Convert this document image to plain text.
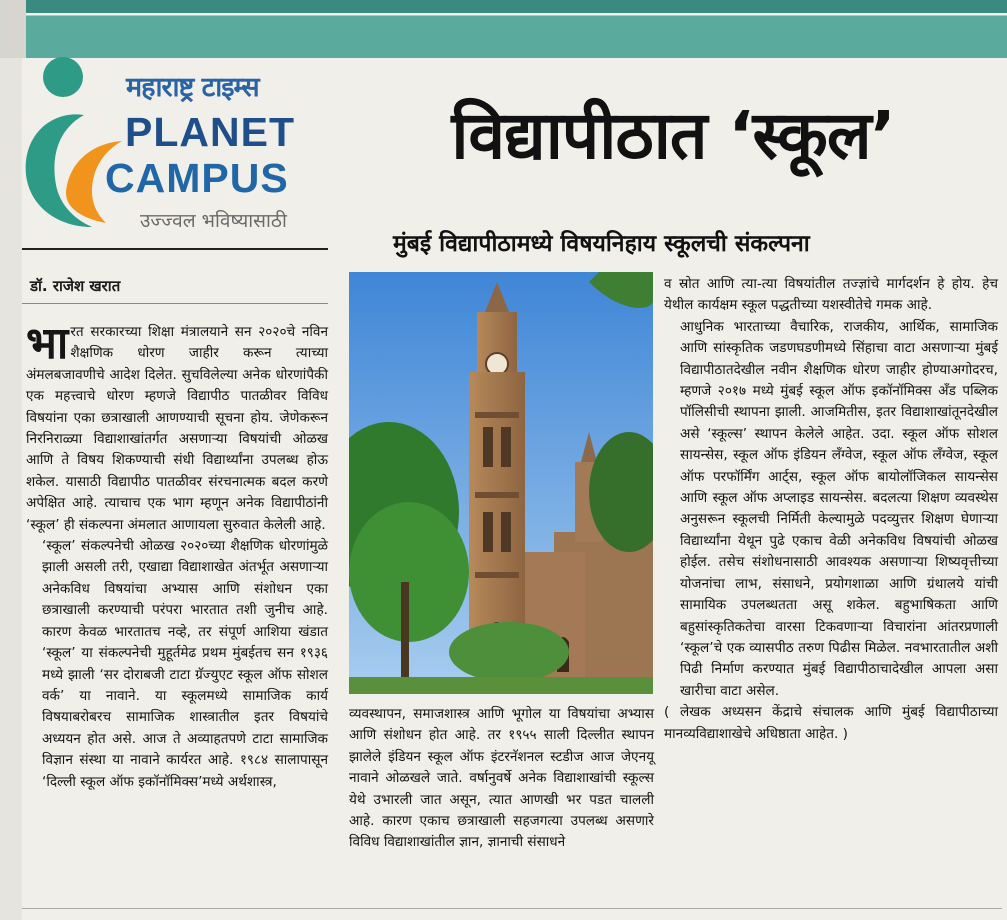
महाराष्ट्र टाइम्स
PLANET
CAMPUS
उज्ज्वल भविष्यासाठी
विद्यापीठात ‘स्कूल’
मुंबई विद्यापीठामध्ये विषयनिहाय स्कूलची संकल्पना
डॉ. राजेश खरात

भारत सरकारच्या शिक्षा मंत्रालयाने सन २०२०चे नविन शैक्षणिक धोरण जाहीर करून त्याच्या अंमलबजावणीचे आदेश दिलेत. सुचविलेल्या अनेक धोरणांपैकी एक महत्त्वाचे धोरण म्हणजे विद्यापीठ पातळीवर विविध विषयांना एका छत्राखाली आणण्याची सूचना होय. जेणेकरून निरनिराळ्या विद्याशाखांतर्गत असणाऱ्या विषयांची ओळख आणि ते विषय शिकण्याची संधी विद्यार्थ्यांना उपलब्ध होऊ शकेल. यासाठी विद्यापीठ पातळीवर संरचनात्मक बदल करणे अपेक्षित आहे. त्याचाच एक भाग म्हणून अनेक विद्यापीठांनी ‘स्कूल’ ही संकल्पना अंमलात आणायला सुरुवात केलेली आहे.

‘स्कूल’ संकल्पनेची ओळख २०२०च्या शैक्षणिक धोरणांमुळे झाली असली तरी, एखाद्या विद्याशाखेत अंतर्भूत असणाऱ्या अनेकविध विषयांचा अभ्यास आणि संशोधन एका छत्राखाली करण्याची परंपरा भारतात तशी जुनीच आहे. कारण केवळ भारतातच नव्हे, तर संपूर्ण आशिया खंडात ‘स्कूल’ या संकल्पनेची मुहूर्तमेढ प्रथम मुंबईतच सन १९३६ मध्ये झाली ‘सर दोराबजी टाटा ग्रॅज्युएट स्कूल ऑफ सोशल वर्क’ या नावाने. या स्कूलमध्ये सामाजिक कार्य विषयाबरोबरच सामाजिक शास्त्रातील इतर विषयांचे अध्ययन होत असे. आज ते अव्याहतपणे टाटा सामाजिक विज्ञान संस्था या नावाने कार्यरत आहे. १९८४ सालापासून ‘दिल्ली स्कूल ऑफ इकॉनॉमिक्स’मध्ये अर्थशास्त्र,

व्यवस्थापन, समाजशास्त्र आणि भूगोल या विषयांचा अभ्यास आणि संशोधन होत आहे. तर १९५५ साली दिल्लीत स्थापन झालेले इंडियन स्कूल ऑफ इंटरनॅशनल स्टडीज आज जेएनयू नावाने ओळखले जाते. वर्षानुवर्षे अनेक विद्याशाखांची स्कूल्स येथे उभारली जात असून, त्यात आणखी भर पडत चालली आहे. कारण एकाच छत्राखाली सहजगत्या उपलब्ध असणारे विविध विद्याशाखांतील ज्ञान, ज्ञानाची संसाधने

व स्रोत आणि त्या-त्या विषयांतील तज्ज्ञांचे मार्गदर्शन हे होय. हेच येथील कार्यक्षम स्कूल पद्धतीच्या यशस्वीतेचे गमक आहे.

आधुनिक भारताच्या वैचारिक, राजकीय, आर्थिक, सामाजिक आणि सांस्कृतिक जडणघडणीमध्ये सिंहाचा वाटा असणाऱ्या मुंबई विद्यापीठातदेखील नवीन शैक्षणिक धोरण जाहीर होण्याअगोदरच, म्हणजे २०१७ मध्ये मुंबई स्कूल ऑफ इकॉनॉमिक्स अँड पब्लिक पॉलिसीची स्थापना झाली. आजमितीस, इतर विद्याशाखांतूनदेखील असे ‘स्कूल्स’ स्थापन केलेले आहेत. उदा. स्कूल ऑफ सोशल सायन्सेस, स्कूल ऑफ इंडियन लँग्वेज, स्कूल ऑफ लँग्वेज, स्कूल ऑफ परफॉर्मिंग आर्ट्स, स्कूल ऑफ बायोलॉजिकल सायन्सेस आणि स्कूल ऑफ अप्लाइड सायन्सेस. बदलत्या शिक्षण व्यवस्थेस अनुसरून स्कूलची निर्मिती केल्यामुळे पदव्युत्तर शिक्षण घेणाऱ्या विद्यार्थ्यांना येथून पुढे एकाच वेळी अनेकविध विषयांची ओळख होईल. तसेच संशोधनासाठी आवश्यक असणाऱ्या शिष्यवृत्तीच्या योजनांचा लाभ, संसाधने, प्रयोगशाळा आणि ग्रंथालये यांची सामायिक उपलब्धतता असू शकेल. बहुभाषिकता आणि बहुसांस्कृतिकतेचा वारसा टिकवणाऱ्या विचारांना आंतरप्रणाली ‘स्कूल’चे एक व्यासपीठ तरुण पिढीस मिळेल. नवभारतातील अशी पिढी निर्माण करण्यात मुंबई विद्यापीठाचादेखील आपला असा खारीचा वाटा असेल.

( लेखक अध्यसन केंद्राचे संचालक आणि मुंबई विद्यापीठाच्या मानव्यविद्याशाखेचे अधिष्ठाता आहेत. )
